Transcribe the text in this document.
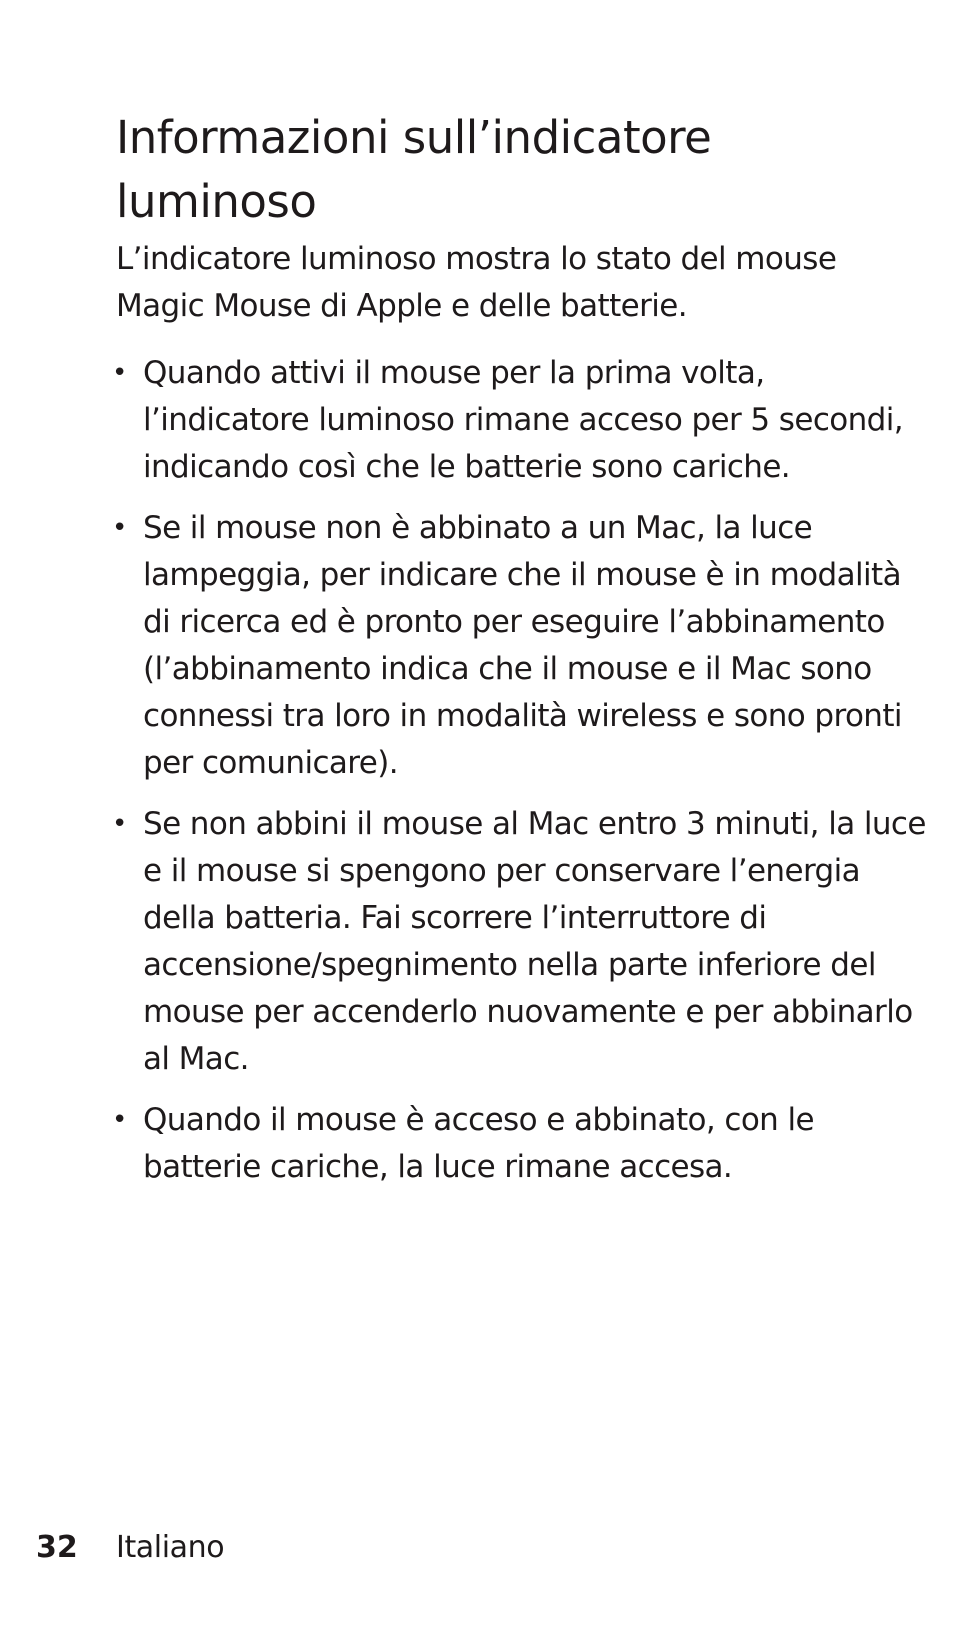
Informazioni sull’indicatore luminoso

L’indicatore luminoso mostra lo stato del mouse Magic Mouse di Apple e delle batterie.

• Quando attivi il mouse per la prima volta, l’indicatore luminoso rimane acceso per 5 secondi, indicando così che le batterie sono cariche.
• Se il mouse non è abbinato a un Mac, la luce lampeggia, per indicare che il mouse è in modalità di ricerca ed è pronto per eseguire l’abbinamento (l’abbinamento indica che il mouse e il Mac sono connessi tra loro in modalità wireless e sono pronti per comunicare).
• Se non abbini il mouse al Mac entro 3 minuti, la luce e il mouse si spengono per conservare l’energia della batteria. Fai scorrere l’interruttore di accensione/spegnimento nella parte inferiore del mouse per accenderlo nuovamente e per abbinarlo al Mac.
• Quando il mouse è acceso e abbinato, con le batterie cariche, la luce rimane accesa.
32 Italiano
